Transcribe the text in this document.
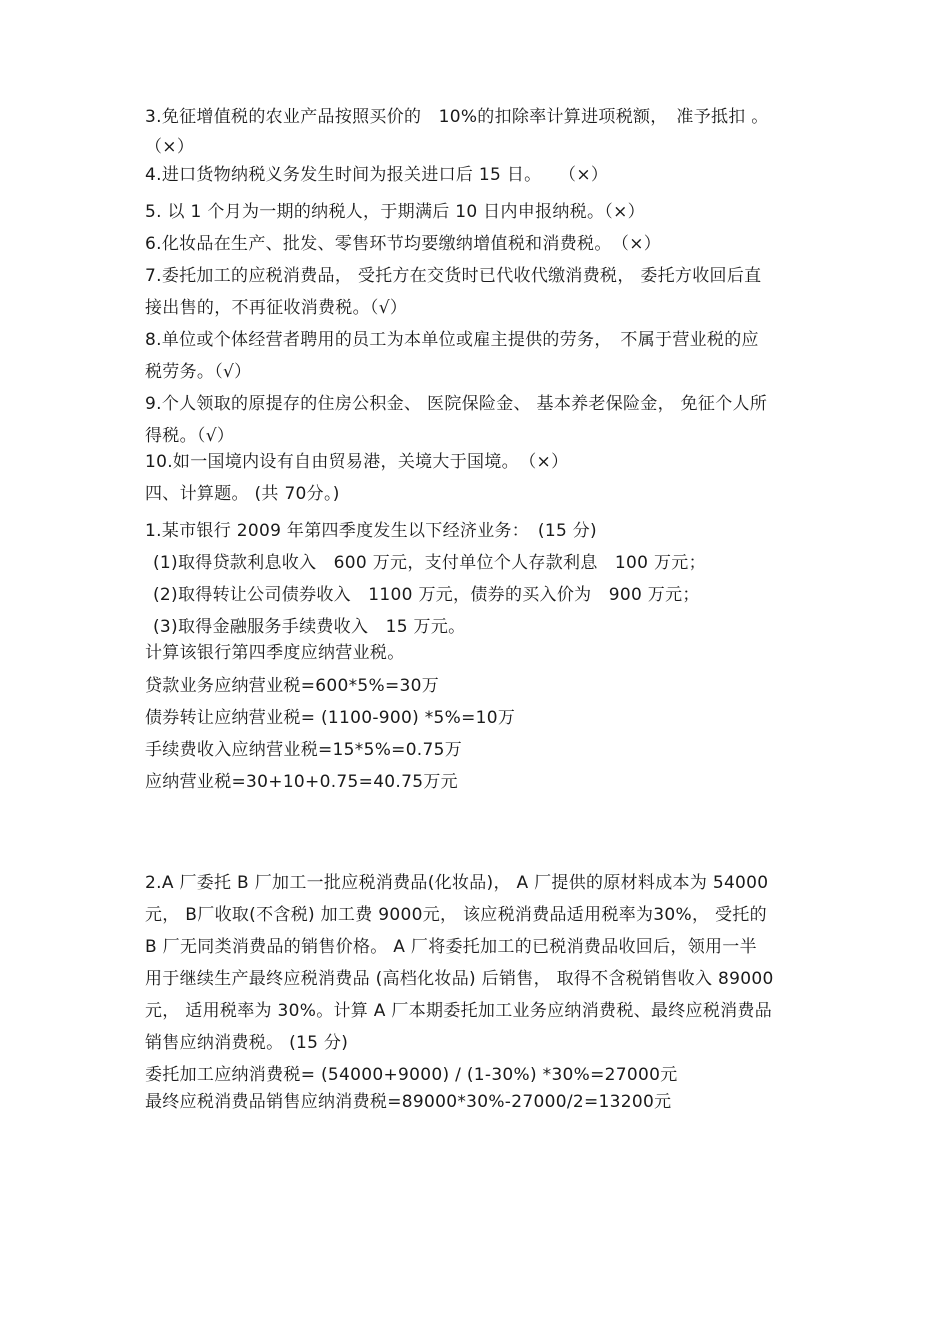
3.免征增值税的农业产品按照买价的　10%的扣除率计算进项税额，　准予抵扣 。
（×）
4.进口货物纳税义务发生时间为报关进口后 15 日。　　（×）
5. 以 1 个月为一期的纳税人，于期满后 10 日内申报纳税。（×）
6.化妆品在生产、批发、零售环节均要缴纳增值税和消费税。　（×）
7.委托加工的应税消费品， 受托方在交货时已代收代缴消费税， 委托方收回后直
接出售的，不再征收消费税。（√）
8.单位或个体经营者聘用的员工为本单位或雇主提供的劳务，　不属于营业税的应
税劳务。（√）
9.个人领取的原提存的住房公积金、 医院保险金、 基本养老保险金， 免征个人所
得税。（√）
10.如一国境内设有自由贸易港，关境大于国境。　（×）
四、计算题。 (共 70分。)
1.某市银行 2009 年第四季度发生以下经济业务：　(15 分)
(1)取得贷款利息收入　600 万元，支付单位个人存款利息　100 万元；
(2)取得转让公司债券收入　1100 万元，债券的买入价为　900 万元；
(3)取得金融服务手续费收入　15 万元。
计算该银行第四季度应纳营业税。
贷款业务应纳营业税=600*5%=30万
债券转让应纳营业税= (1100-900) *5%=10万
手续费收入应纳营业税=15*5%=0.75万
应纳营业税=30+10+0.75=40.75万元
2.A 厂委托 B 厂加工一批应税消费品(化妆品)， A 厂提供的原材料成本为 54000
元， B厂收取(不含税) 加工费 9000元， 该应税消费品适用税率为30%， 受托的
B 厂无同类消费品的销售价格。 A 厂将委托加工的已税消费品收回后，领用一半
用于继续生产最终应税消费品 (高档化妆品) 后销售， 取得不含税销售收入 89000
元， 适用税率为 30%。计算 A 厂本期委托加工业务应纳消费税、最终应税消费品
销售应纳消费税。 (15 分)
委托加工应纳消费税= (54000+9000) / (1-30%) *30%=27000元
最终应税消费品销售应纳消费税=89000*30%-27000/2=13200元
